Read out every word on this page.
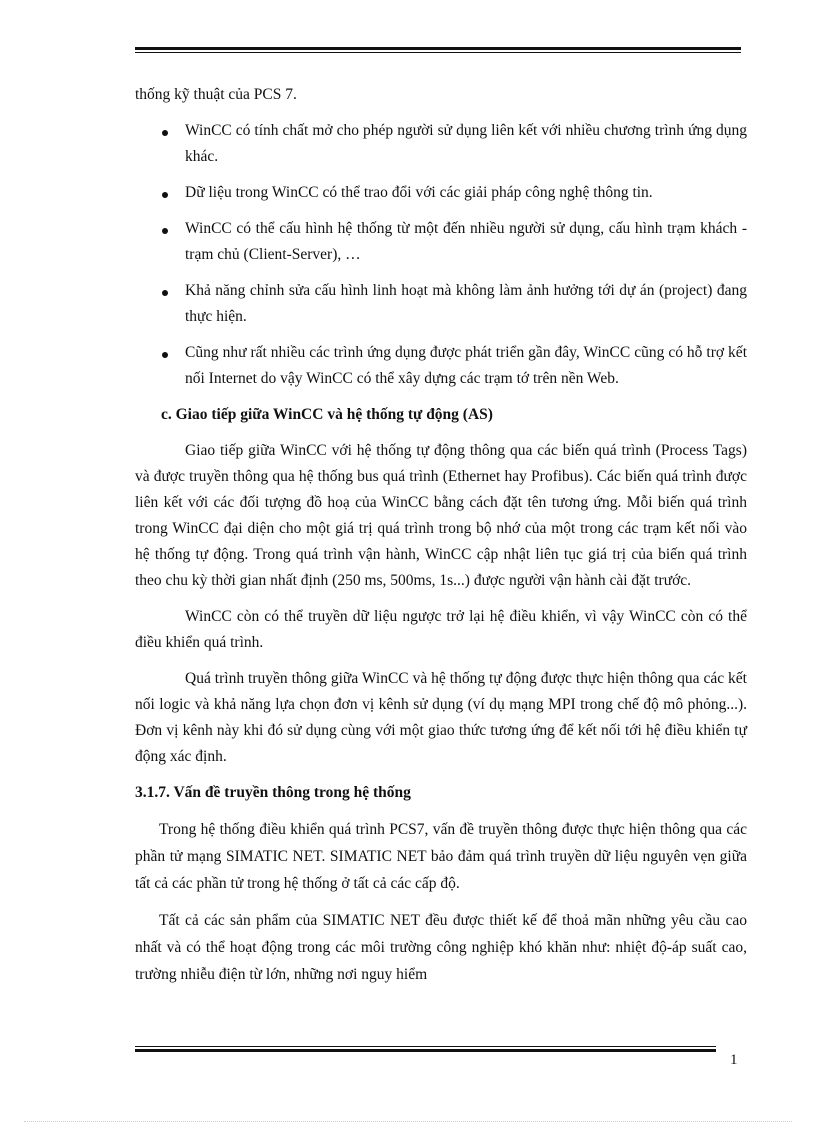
thống kỹ thuật của PCS 7.

WinCC có tính chất mở cho phép người sử dụng liên kết với nhiều chương trình ứng dụng khác.

Dữ liệu trong WinCC có thể trao đổi với các giải pháp công nghệ thông tin.

WinCC có thể cấu hình hệ thống từ một đến nhiều người sử dụng, cấu hình trạm khách - trạm chủ (Client-Server), …

Khả năng chỉnh sửa cấu hình linh hoạt mà không làm ảnh hưởng tới dự án (project) đang thực hiện.

Cũng như rất nhiều các trình ứng dụng được phát triển gần đây, WinCC cũng có hỗ trợ kết nối Internet do vậy WinCC có thể xây dựng các trạm tớ trên nền Web.

c. Giao tiếp giữa WinCC và hệ thống tự động (AS)

Giao tiếp giữa WinCC với hệ thống tự động thông qua các biến quá trình (Process Tags) và được truyền thông qua hệ thống bus quá trình (Ethernet hay Profibus). Các biến quá trình được liên kết với các đối tượng đồ hoạ của WinCC bằng cách đặt tên tương ứng. Mỗi biến quá trình trong WinCC đại diện cho một giá trị quá trình trong bộ nhớ của một trong các trạm kết nối vào hệ thống tự động. Trong quá trình vận hành, WinCC cập nhật liên tục giá trị của biến quá trình theo chu kỳ thời gian nhất định (250 ms, 500ms, 1s...) được người vận hành cài đặt trước.

WinCC còn có thể truyền dữ liệu ngược trở lại hệ điều khiển, vì vậy WinCC còn có thể điều khiển quá trình.

Quá trình truyền thông giữa WinCC và hệ thống tự động được thực hiện thông qua các kết nối logic và khả năng lựa chọn đơn vị kênh sử dụng (ví dụ mạng MPI trong chế độ mô phỏng...). Đơn vị kênh này khi đó sử dụng cùng với một giao thức tương ứng để kết nối tới hệ điều khiển tự động xác định.

3.1.7. Vấn đề truyền thông trong hệ thống

Trong hệ thống điều khiển quá trình PCS7, vấn đề truyền thông được thực hiện thông qua các phần tử mạng SIMATIC NET. SIMATIC NET bảo đảm quá trình truyền dữ liệu nguyên vẹn giữa tất cả các phần tử trong hệ thống ở tất cả các cấp độ.

Tất cả các sản phẩm của SIMATIC NET đều được thiết kế để thoả mãn những yêu cầu cao nhất và có thể hoạt động trong các môi trường công nghiệp khó khăn như: nhiệt độ-áp suất cao, trường nhiễu điện từ lớn, những nơi nguy hiểm

1
